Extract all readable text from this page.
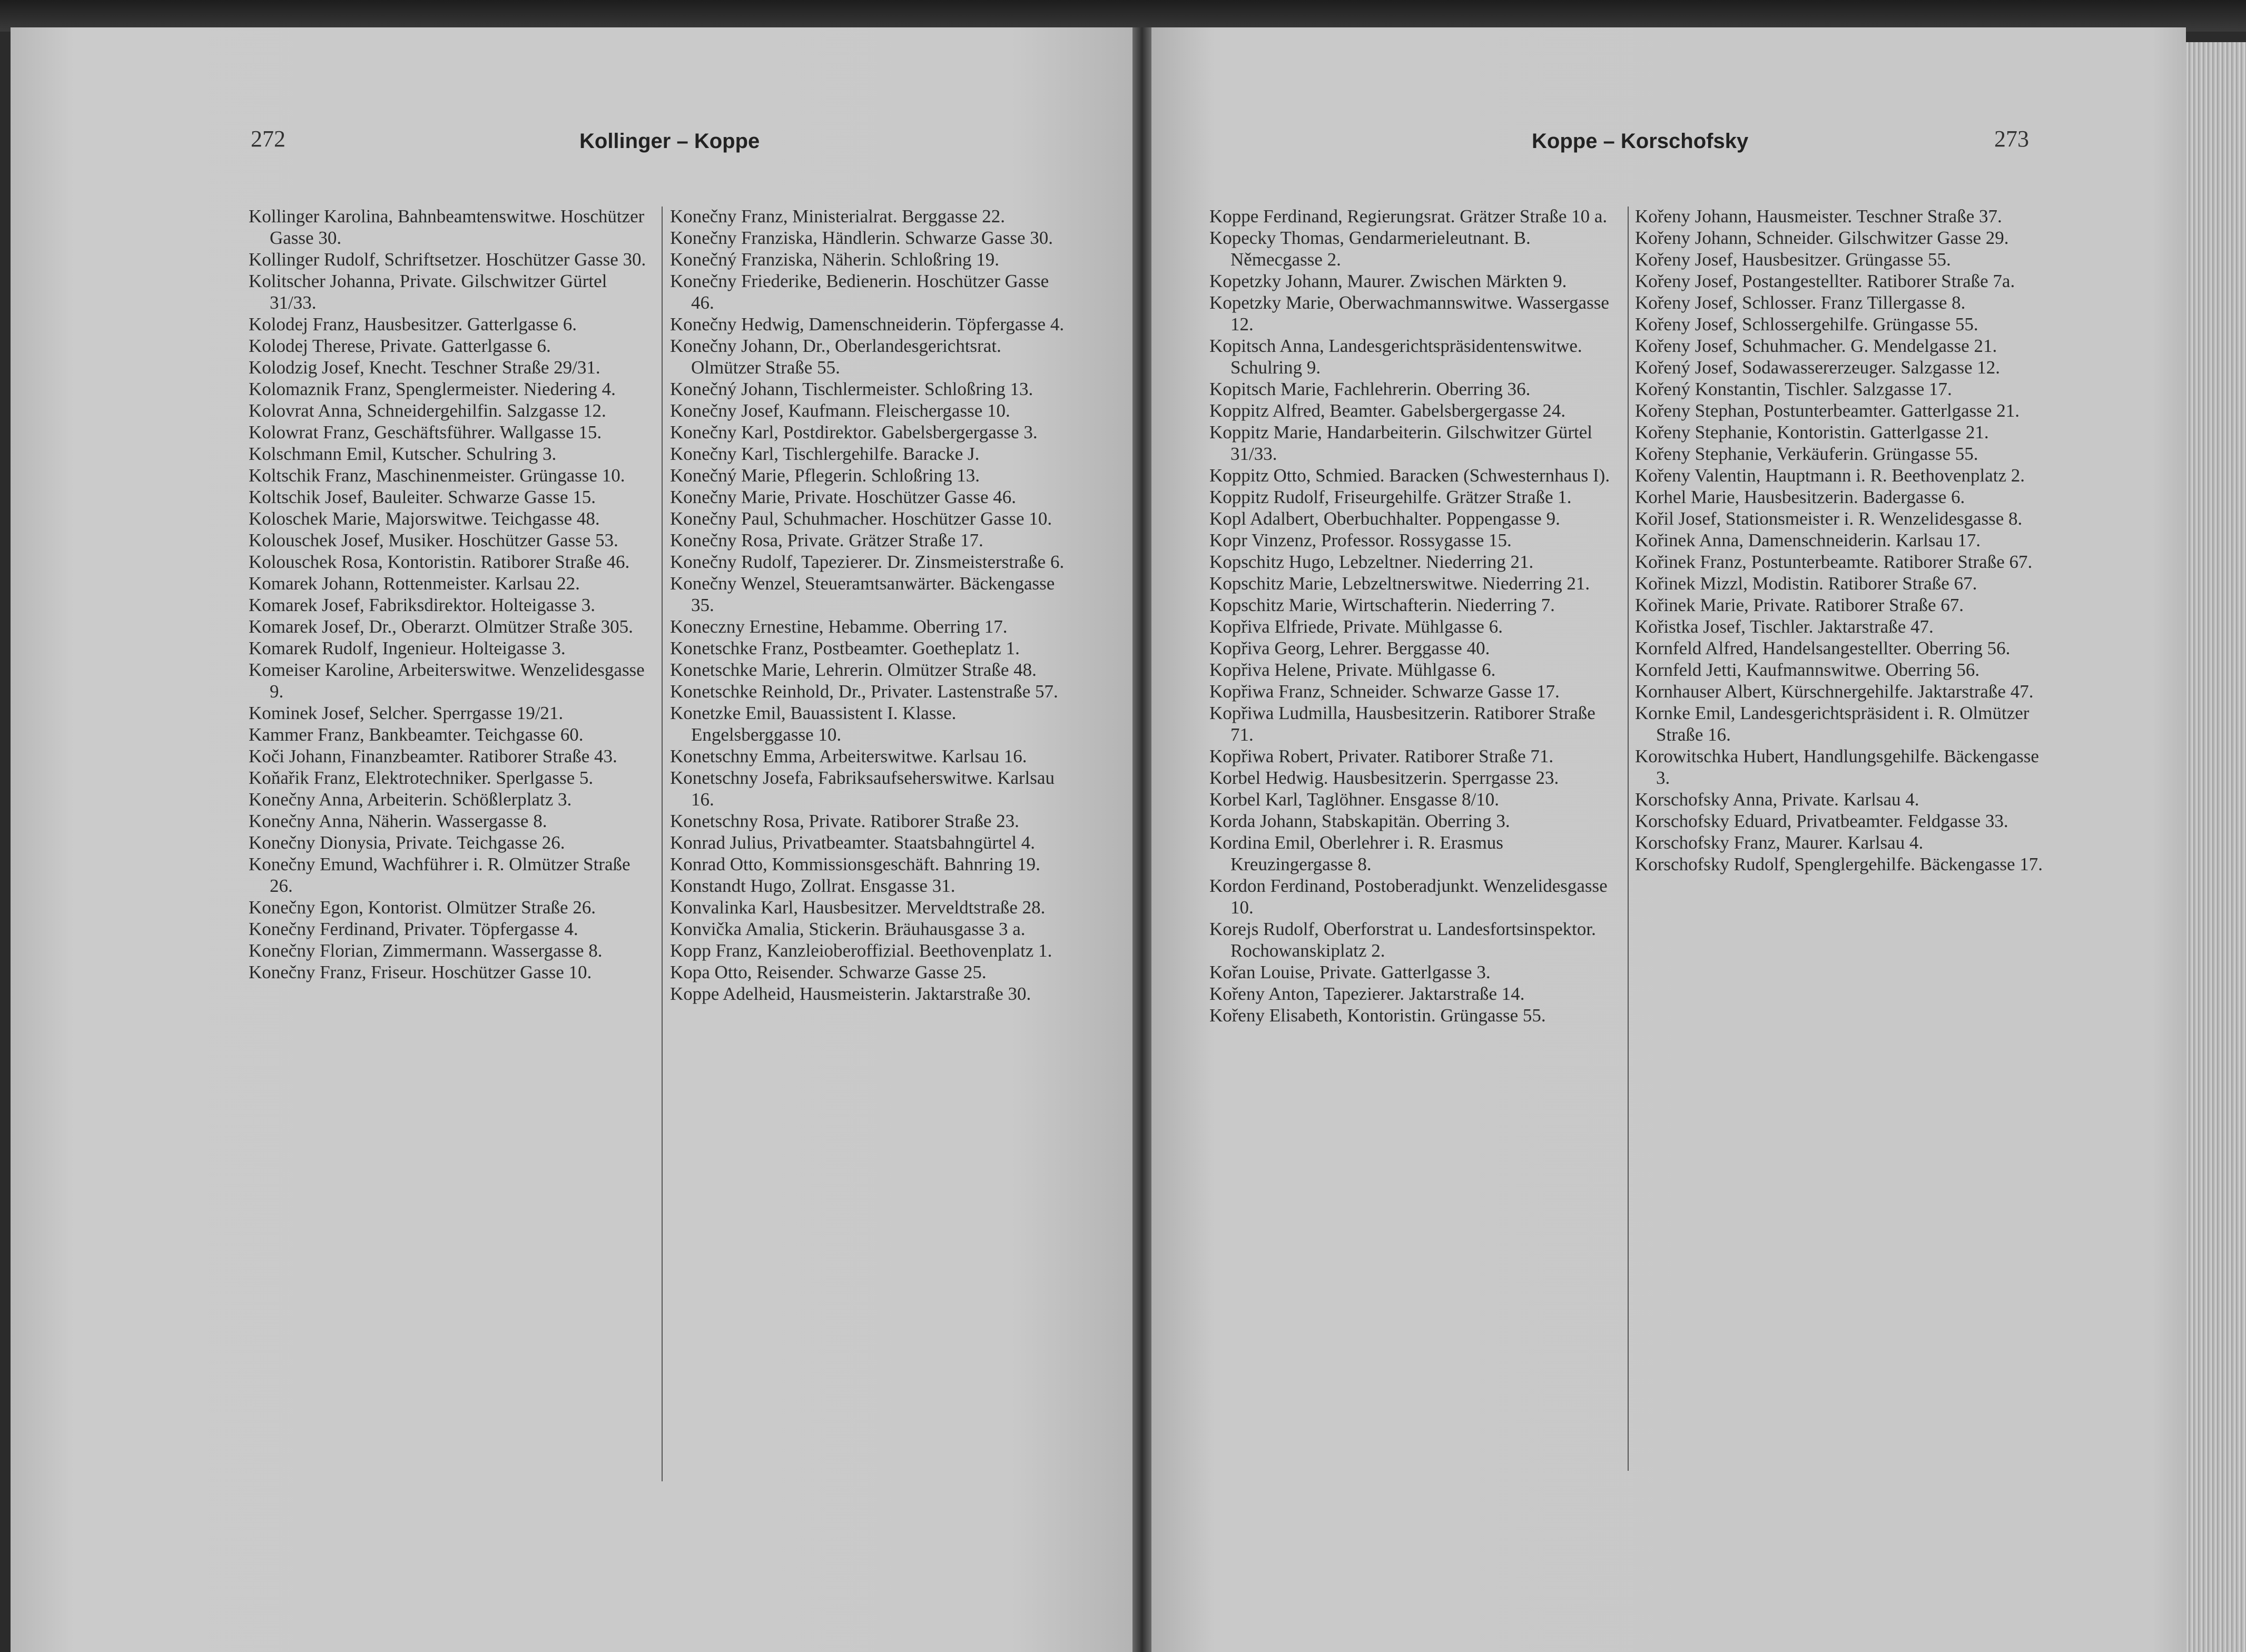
272	Kollinger – Koppe
Kollinger Karolina, Bahnbeamtenswitwe. Hoschützer Gasse 30.
Kollinger Rudolf, Schriftsetzer. Hoschützer Gasse 30.
Kolitscher Johanna, Private. Gilschwitzer Gürtel 31/33.
Kolodej Franz, Hausbesitzer. Gatterlgasse 6.
Kolodej Therese, Private. Gatterlgasse 6.
Kolodzig Josef, Knecht. Teschner Straße 29/31.
Kolomaznik Franz, Spenglermeister. Niedering 4.
Kolovrat Anna, Schneidergehilfin. Salzgasse 12.
Kolowrat Franz, Geschäftsführer. Wallgasse 15.
Kolschmann Emil, Kutscher. Schulring 3.
Koltschik Franz, Maschinenmeister. Grüngasse 10.
Koltschik Josef, Bauleiter. Schwarze Gasse 15.
Koloschek Marie, Majorswitwe. Teichgasse 48.
Kolouschek Josef, Musiker. Hoschützer Gasse 53.
Kolouschek Rosa, Kontoristin. Ratiborer Straße 46.
Komarek Johann, Rottenmeister. Karlsau 22.
Komarek Josef, Fabriksdirektor. Holteigasse 3.
Komarek Josef, Dr., Oberarzt. Olmützer Straße 305.
Komarek Rudolf, Ingenieur. Holteigasse 3.
Komeiser Karoline, Arbeiterswitwe. Wenzelidesgasse 9.
Kominek Josef, Selcher. Sperrgasse 19/21.
Kammer Franz, Bankbeamter. Teichgasse 60.
Koči Johann, Finanzbeamter. Ratiborer Straße 43.
Koňařik Franz, Elektrotechniker. Sperlgasse 5.
Konečny Anna, Arbeiterin. Schößlerplatz 3.
Konečny Anna, Näherin. Wassergasse 8.
Konečny Dionysia, Private. Teichgasse 26.
Konečny Emund, Wachführer i. R. Olmützer Straße 26.
Konečny Egon, Kontorist. Olmützer Straße 26.
Konečny Ferdinand, Privater. Töpfergasse 4.
Konečny Florian, Zimmermann. Wassergasse 8.
Konečny Franz, Friseur. Hoschützer Gasse 10.
Konečny Franz, Ministerialrat. Berggasse 22.
Konečny Franziska, Händlerin. Schwarze Gasse 30.
Konečný Franziska, Näherin. Schloßring 19.
Konečny Friederike, Bedienerin. Hoschützer Gasse 46.
Konečny Hedwig, Damenschneiderin. Töpfergasse 4.
Konečny Johann, Dr., Oberlandesgerichtsrat. Olmützer Straße 55.
Konečný Johann, Tischlermeister. Schloßring 13.
Konečny Josef, Kaufmann. Fleischergasse 10.
Konečny Karl, Postdirektor. Gabelsbergergasse 3.
Konečny Karl, Tischlergehilfe. Baracke J.
Konečný Marie, Pflegerin. Schloßring 13.
Konečny Marie, Private. Hoschützer Gasse 46.
Konečny Paul, Schuhmacher. Hoschützer Gasse 10.
Konečny Rosa, Private. Grätzer Straße 17.
Konečny Rudolf, Tapezierer. Dr. Zinsmeisterstraße 6.
Konečny Wenzel, Steueramtsanwärter. Bäckengasse 35.
Koneczny Ernestine, Hebamme. Oberring 17.
Konetschke Franz, Postbeamter. Goetheplatz 1.
Konetschke Marie, Lehrerin. Olmützer Straße 48.
Konetschke Reinhold, Dr., Privater. Lastenstraße 57.
Konetzke Emil, Bauassistent I. Klasse. Engelsberggasse 10.
Konetschny Emma, Arbeiterswitwe. Karlsau 16.
Konetschny Josefa, Fabriksaufseherswitwe. Karlsau 16.
Konetschny Rosa, Private. Ratiborer Straße 23.
Konrad Julius, Privatbeamter. Staatsbahngürtel 4.
Konrad Otto, Kommissionsgeschäft. Bahnring 19.
Konstandt Hugo, Zollrat. Ensgasse 31.
Konvalinka Karl, Hausbesitzer. Merveldtstraße 28.
Konvička Amalia, Stickerin. Bräuhausgasse 3 a.
Kopp Franz, Kanzleioberoffizial. Beethovenplatz 1.
Kopa Otto, Reisender. Schwarze Gasse 25.
Koppe Adelheid, Hausmeisterin. Jaktarstraße 30.
Koppe – Korschofsky	273
Koppe Ferdinand, Regierungsrat. Grätzer Straße 10 a.
Kopecky Thomas, Gendarmerieleutnant. B. Němecgasse 2.
Kopetzky Johann, Maurer. Zwischen Märkten 9.
Kopetzky Marie, Oberwachmannswitwe. Wassergasse 12.
Kopitsch Anna, Landesgerichtspräsidentenswitwe. Schulring 9.
Kopitsch Marie, Fachlehrerin. Oberring 36.
Koppitz Alfred, Beamter. Gabelsbergergasse 24.
Koppitz Marie, Handarbeiterin. Gilschwitzer Gürtel 31/33.
Koppitz Otto, Schmied. Baracken (Schwesternhaus I).
Koppitz Rudolf, Friseurgehilfe. Grätzer Straße 1.
Kopl Adalbert, Oberbuchhalter. Poppengasse 9.
Kopr Vinzenz, Professor. Rossygasse 15.
Kopschitz Hugo, Lebzeltner. Niederring 21.
Kopschitz Marie, Lebzeltnerswitwe. Niederring 21.
Kopschitz Marie, Wirtschafterin. Niederring 7.
Kopřiva Elfriede, Private. Mühlgasse 6.
Kopřiva Georg, Lehrer. Berggasse 40.
Kopřiva Helene, Private. Mühlgasse 6.
Kopřiwa Franz, Schneider. Schwarze Gasse 17.
Kopřiwa Ludmilla, Hausbesitzerin. Ratiborer Straße 71.
Kopřiwa Robert, Privater. Ratiborer Straße 71.
Korbel Hedwig. Hausbesitzerin. Sperrgasse 23.
Korbel Karl, Taglöhner. Ensgasse 8/10.
Korda Johann, Stabskapitän. Oberring 3.
Kordina Emil, Oberlehrer i. R. Erasmus Kreuzingergasse 8.
Kordon Ferdinand, Postoberadjunkt. Wenzelidesgasse 10.
Korejs Rudolf, Oberforstrat u. Landesfortsinspektor. Rochowanskiplatz 2.
Kořan Louise, Private. Gatterlgasse 3.
Kořeny Anton, Tapezierer. Jaktarstraße 14.
Kořeny Elisabeth, Kontoristin. Grüngasse 55.
Kořeny Johann, Hausmeister. Teschner Straße 37.
Kořeny Johann, Schneider. Gilschwitzer Gasse 29.
Kořeny Josef, Hausbesitzer. Grüngasse 55.
Kořeny Josef, Postangestellter. Ratiborer Straße 7a.
Kořeny Josef, Schlosser. Franz Tillergasse 8.
Kořeny Josef, Schlossergehilfe. Grüngasse 55.
Kořeny Josef, Schuhmacher. G. Mendelgasse 21.
Kořený Josef, Sodawassererzeuger. Salzgasse 12.
Kořený Konstantin, Tischler. Salzgasse 17.
Kořeny Stephan, Postunterbeamter. Gatterlgasse 21.
Kořeny Stephanie, Kontoristin. Gatterlgasse 21.
Kořeny Stephanie, Verkäuferin. Grüngasse 55.
Kořeny Valentin, Hauptmann i. R. Beethovenplatz 2.
Korhel Marie, Hausbesitzerin. Badergasse 6.
Kořil Josef, Stationsmeister i. R. Wenzelidesgasse 8.
Kořinek Anna, Damenschneiderin. Karlsau 17.
Kořinek Franz, Postunterbeamte. Ratiborer Straße 67.
Kořinek Mizzl, Modistin. Ratiborer Straße 67.
Kořinek Marie, Private. Ratiborer Straße 67.
Kořistka Josef, Tischler. Jaktarstraße 47.
Kornfeld Alfred, Handelsangestellter. Oberring 56.
Kornfeld Jetti, Kaufmannswitwe. Oberring 56.
Kornhauser Albert, Kürschnergehilfe. Jaktarstraße 47.
Kornke Emil, Landesgerichtspräsident i. R. Olmützer Straße 16.
Korowitschka Hubert, Handlungsgehilfe. Bäckengasse 3.
Korschofsky Anna, Private. Karlsau 4.
Korschofsky Eduard, Privatbeamter. Feldgasse 33.
Korschofsky Franz, Maurer. Karlsau 4.
Korschofsky Rudolf, Spenglergehilfe. Bäckengasse 17.
